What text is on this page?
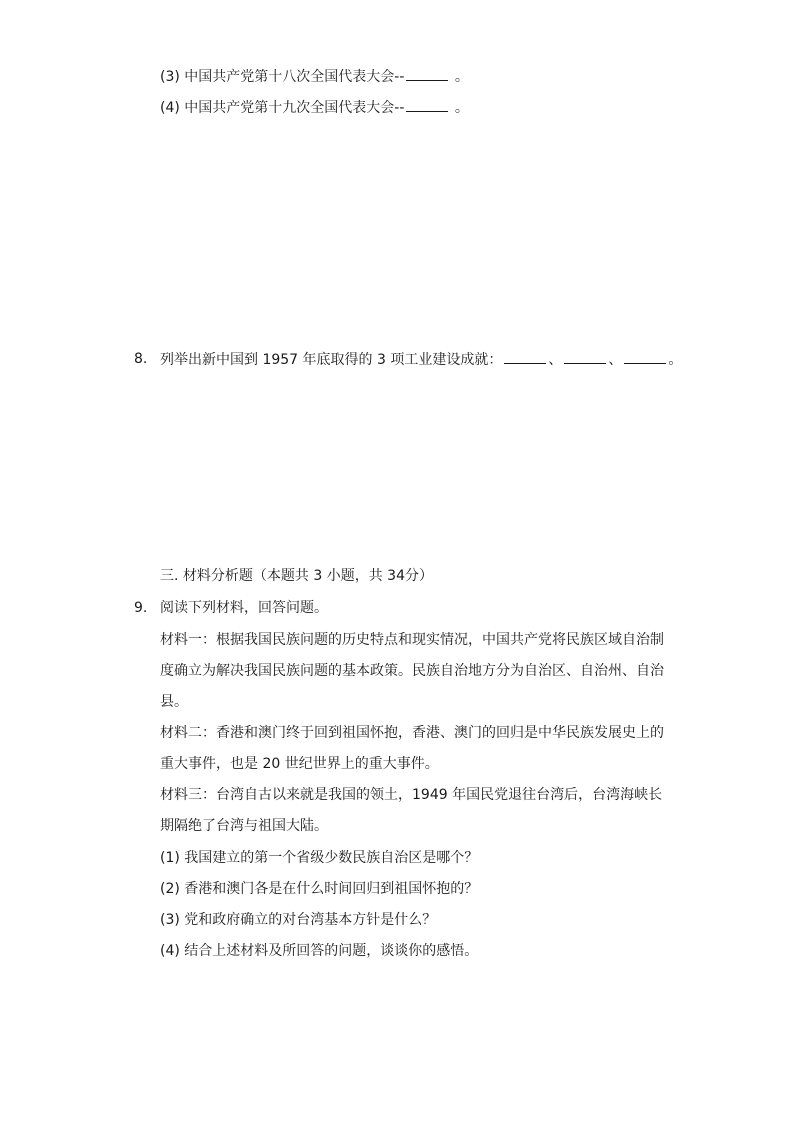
(3) 中国共产党第十八次全国代表大会--	。
(4) 中国共产党第十九次全国代表大会--	。
8. 列举出新中国到 1957 年底取得的 3 项工业建设成就：	、	、	。
三. 材料分析题（本题共 3 小题，共 34分）
9. 阅读下列材料，回答问题。
材料一：根据我国民族问题的历史特点和现实情况，中国共产党将民族区域自治制
度确立为解决我国民族问题的基本政策。民族自治地方分为自治区、自治州、自治
县。
材料二：香港和澳门终于回到祖国怀抱，香港、澳门的回归是中华民族发展史上的
重大事件，也是 20 世纪世界上的重大事件。
材料三：台湾自古以来就是我国的领土，1949 年国民党退往台湾后，台湾海峡长
期隔绝了台湾与祖国大陆。
(1) 我国建立的第一个省级少数民族自治区是哪个？
(2) 香港和澳门各是在什么时间回归到祖国怀抱的？
(3) 党和政府确立的对台湾基本方针是什么？
(4) 结合上述材料及所回答的问题，谈谈你的感悟。
